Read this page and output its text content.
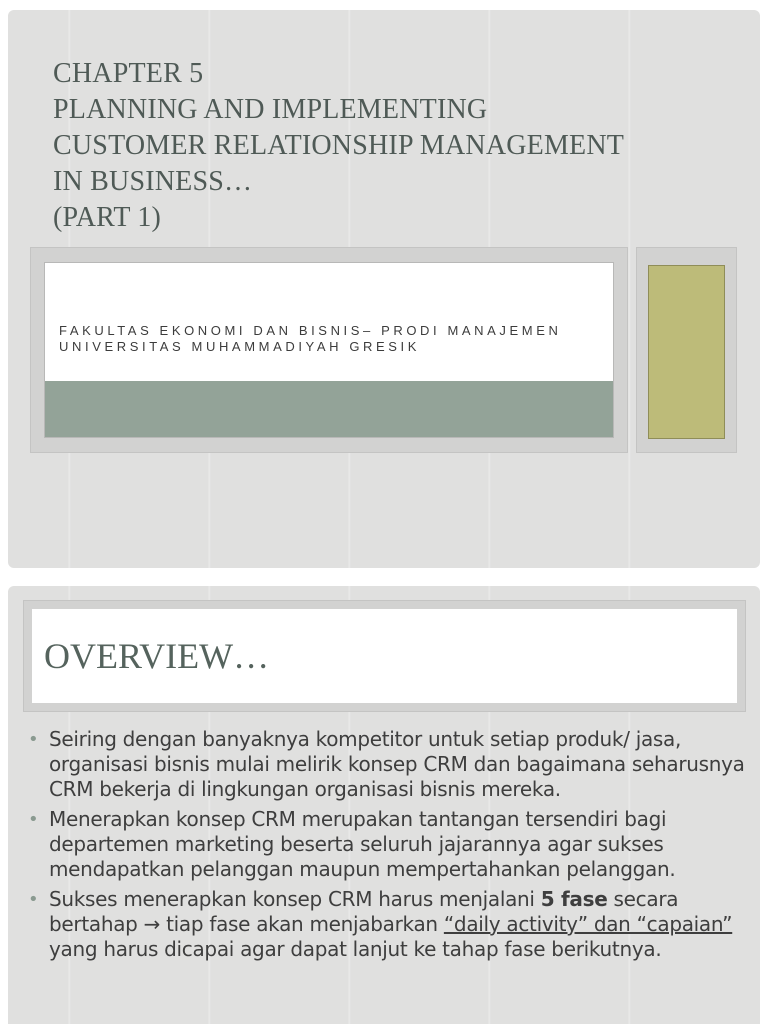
CHAPTER 5
PLANNING AND IMPLEMENTING
CUSTOMER RELATIONSHIP MANAGEMENT
IN BUSINESS…
(PART 1)
FAKULTAS EKONOMI DAN BISNIS– PRODI MANAJEMEN
UNIVERSITAS MUHAMMADIYAH GRESIK
OVERVIEW…
• Seiring dengan banyaknya kompetitor untuk setiap produk/ jasa, organisasi bisnis mulai melirik konsep CRM dan bagaimana seharusnya CRM bekerja di lingkungan organisasi bisnis mereka.
• Menerapkan konsep CRM merupakan tantangan tersendiri bagi departemen marketing beserta seluruh jajarannya agar sukses mendapatkan pelanggan maupun mempertahankan pelanggan.
• Sukses menerapkan konsep CRM harus menjalani 5 fase secara bertahap → tiap fase akan menjabarkan “daily activity” dan “capaian” yang harus dicapai agar dapat lanjut ke tahap fase berikutnya.
